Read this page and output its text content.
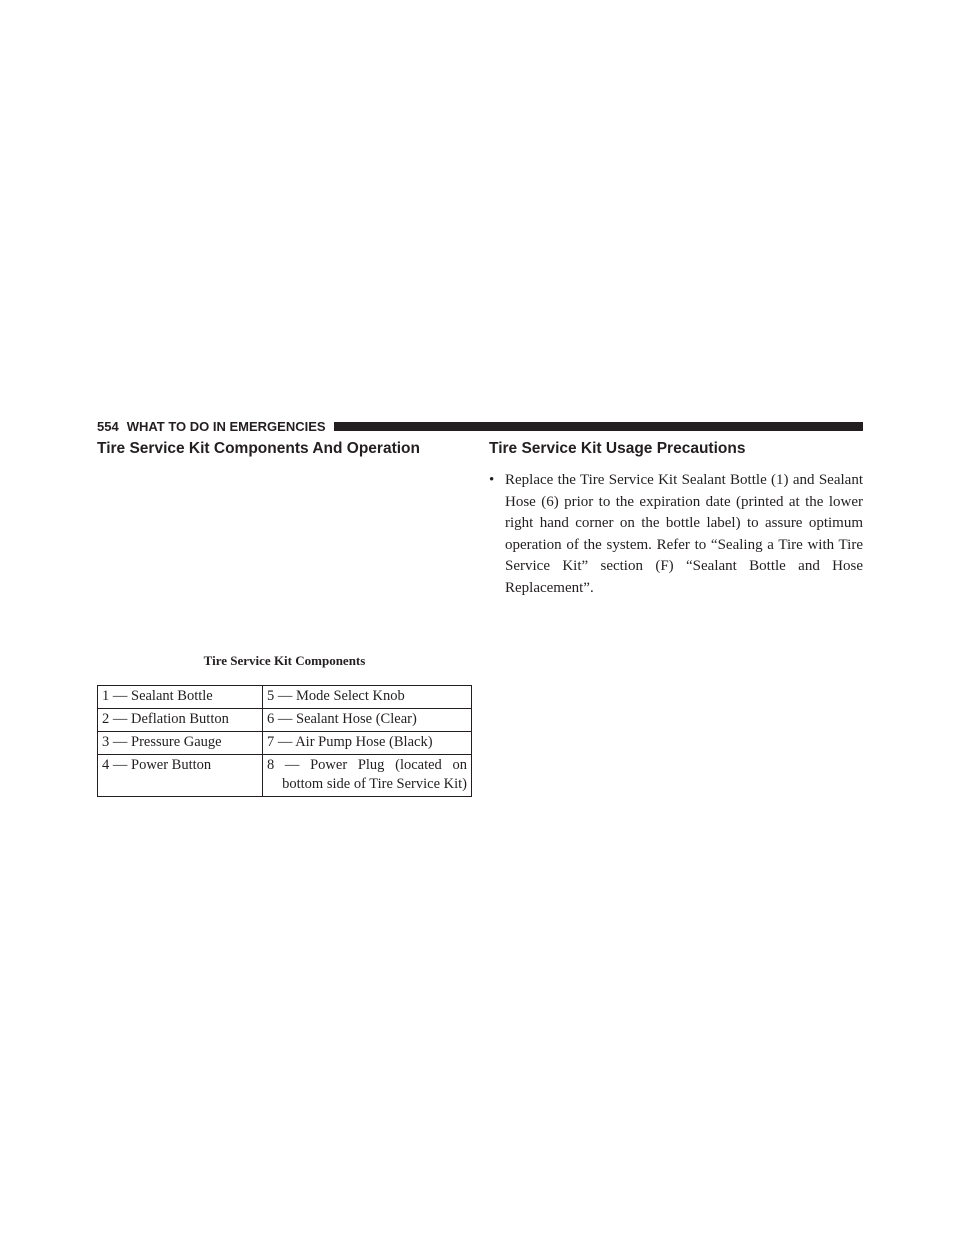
554 WHAT TO DO IN EMERGENCIES
Tire Service Kit Components And Operation
Tire Service Kit Components
1 — Sealant Bottle	5 — Mode Select Knob
2 — Deflation Button	6 — Sealant Hose (Clear)
3 — Pressure Gauge	7 — Air Pump Hose (Black)
4 — Power Button	8 — Power Plug (located on bottom side of Tire Service Kit)
Tire Service Kit Usage Precautions
• Replace the Tire Service Kit Sealant Bottle (1) and Sealant Hose (6) prior to the expiration date (printed at the lower right hand corner on the bottle label) to assure optimum operation of the system. Refer to “Sealing a Tire with Tire Service Kit” section (F) “Sealant Bottle and Hose Replacement”.
